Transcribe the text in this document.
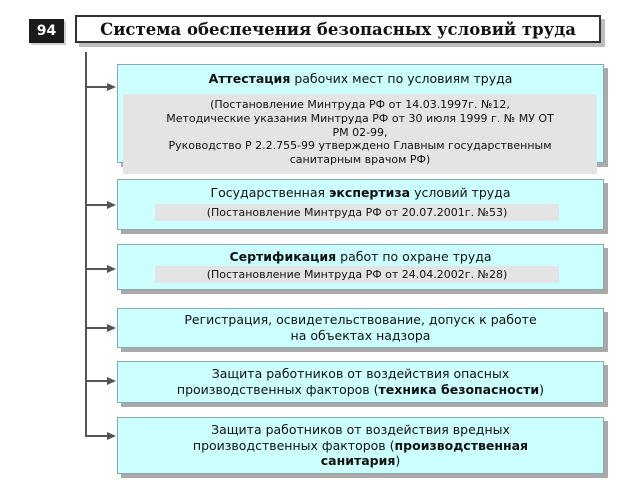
94	Система обеспечения безопасных условий труда
Аттестация рабочих мест по условиям труда
(Постановление Минтруда РФ от 14.03.1997г. №12,
Методические указания Минтруда РФ от 30 июля 1999 г. № МУ ОТ
РМ 02-99,
Руководство Р 2.2.755-99 утверждено Главным государственным
санитарным врачом РФ)
Государственная экспертиза условий труда
(Постановление Минтруда РФ от 20.07.2001г. №53)
Сертификация работ по охране труда
(Постановление Минтруда РФ от 24.04.2002г. №28)
Регистрация, освидетельствование, допуск к работе
на объектах надзора
Защита работников от воздействия опасных
производственных факторов (техника безопасности)
Защита работников от воздействия вредных
производственных факторов (производственная
санитария)
